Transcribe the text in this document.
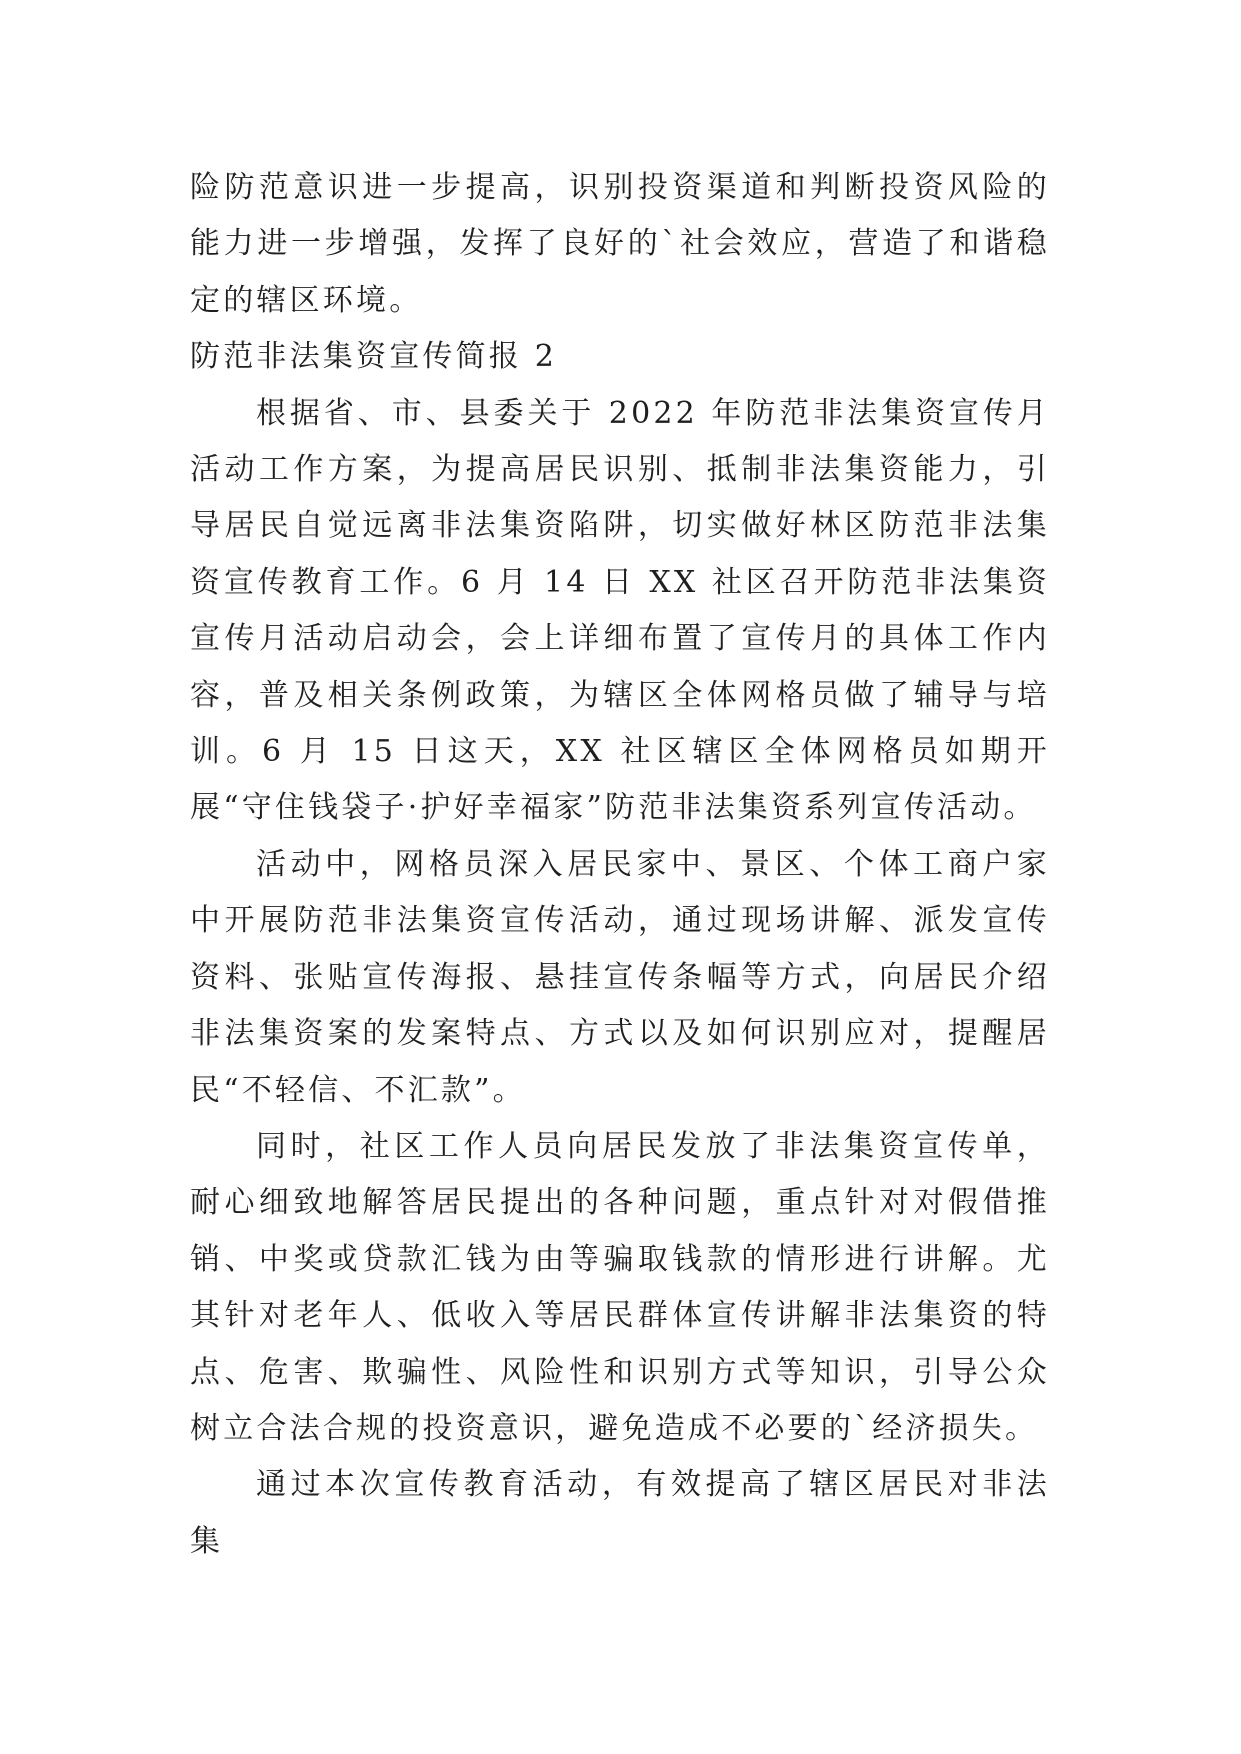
险防范意识进一步提高，识别投资渠道和判断投资风险的能力进一步增强，发挥了良好的`社会效应，营造了和谐稳定的辖区环境。

防范非法集资宣传简报 2

根据省、市、县委关于 2022 年防范非法集资宣传月活动工作方案，为提高居民识别、抵制非法集资能力，引导居民自觉远离非法集资陷阱，切实做好林区防范非法集资宣传教育工作。6 月 14 日 XX 社区召开防范非法集资宣传月活动启动会，会上详细布置了宣传月的具体工作内容，普及相关条例政策，为辖区全体网格员做了辅导与培训。6 月 15 日这天，XX 社区辖区全体网格员如期开展“守住钱袋子·护好幸福家”防范非法集资系列宣传活动。

活动中，网格员深入居民家中、景区、个体工商户家中开展防范非法集资宣传活动，通过现场讲解、派发宣传资料、张贴宣传海报、悬挂宣传条幅等方式，向居民介绍非法集资案的发案特点、方式以及如何识别应对，提醒居民“不轻信、不汇款”。

同时，社区工作人员向居民发放了非法集资宣传单，耐心细致地解答居民提出的各种问题，重点针对对假借推销、中奖或贷款汇钱为由等骗取钱款的情形进行讲解。尤其针对老年人、低收入等居民群体宣传讲解非法集资的特点、危害、欺骗性、风险性和识别方式等知识，引导公众树立合法合规的投资意识，避免造成不必要的`经济损失。

通过本次宣传教育活动，有效提高了辖区居民对非法集
